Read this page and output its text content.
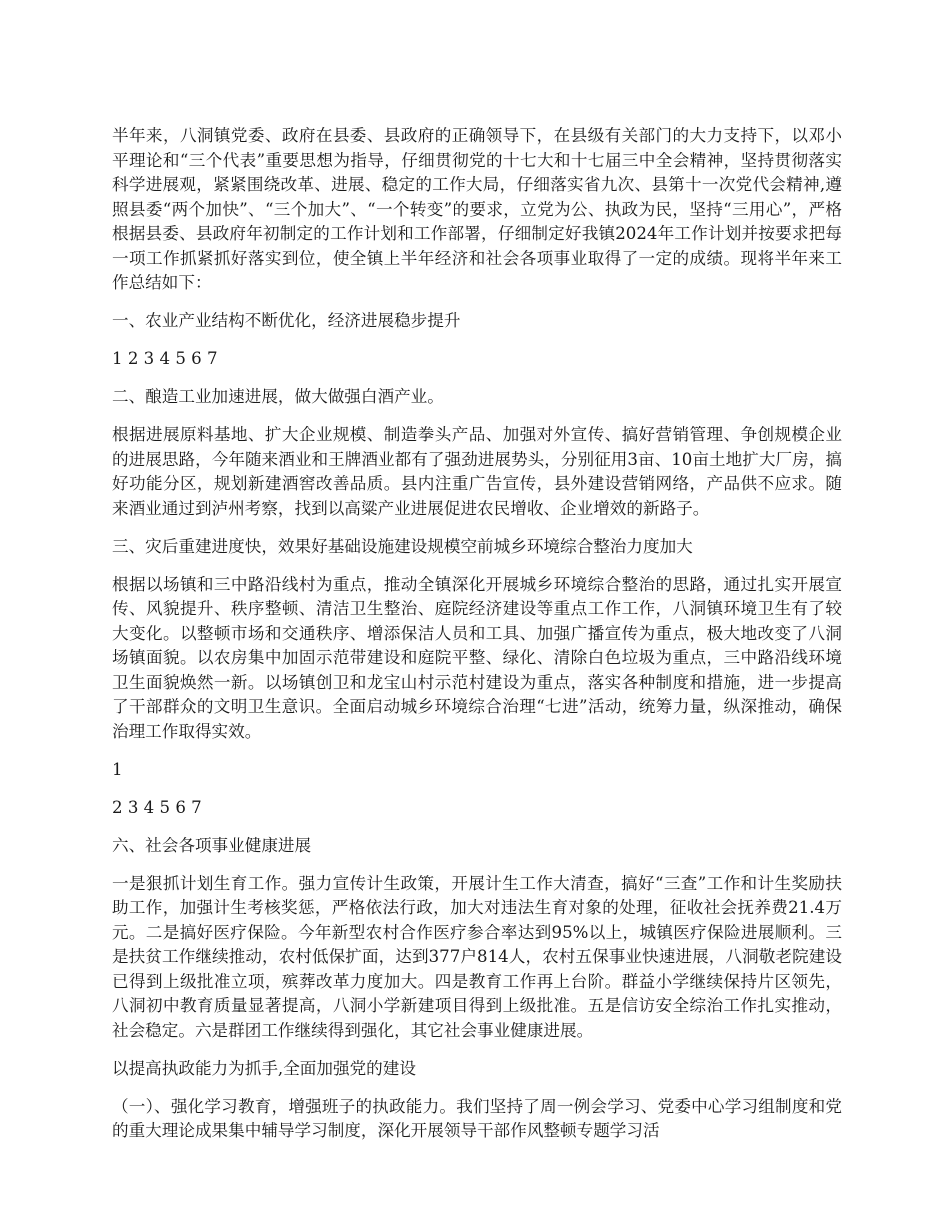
半年来，八洞镇党委、政府在县委、县政府的正确领导下，在县级有关部门的大力支持下，以邓小平理论和“三个代表”重要思想为指导，仔细贯彻党的十七大和十七届三中全会精神，坚持贯彻落实科学进展观，紧紧围绕改革、进展、稳定的工作大局，仔细落实省九次、县第十一次党代会精神,遵照县委“两个加快”、“三个加大”、“一个转变”的要求，立党为公、执政为民，坚持“三用心”，严格根据县委、县政府年初制定的工作计划和工作部署，仔细制定好我镇2024年工作计划并按要求把每一项工作抓紧抓好落实到位，使全镇上半年经济和社会各项事业取得了一定的成绩。现将半年来工作总结如下：

一、农业产业结构不断优化，经济进展稳步提升

1 2 3 4 5 6 7

二、酿造工业加速进展，做大做强白酒产业。

根据进展原料基地、扩大企业规模、制造拳头产品、加强对外宣传、搞好营销管理、争创规模企业的进展思路，今年随来酒业和王牌酒业都有了强劲进展势头，分别征用3亩、10亩土地扩大厂房，搞好功能分区，规划新建酒窖改善品质。县内注重广告宣传，县外建设营销网络，产品供不应求。随来酒业通过到泸州考察，找到以高粱产业进展促进农民增收、企业增效的新路子。

三、灾后重建进度快，效果好基础设施建设规模空前城乡环境综合整治力度加大

根据以场镇和三中路沿线村为重点，推动全镇深化开展城乡环境综合整治的思路，通过扎实开展宣传、风貌提升、秩序整顿、清洁卫生整治、庭院经济建设等重点工作工作，八洞镇环境卫生有了较大变化。以整顿市场和交通秩序、增添保洁人员和工具、加强广播宣传为重点，极大地改变了八洞场镇面貌。以农房集中加固示范带建设和庭院平整、绿化、清除白色垃圾为重点，三中路沿线环境卫生面貌焕然一新。以场镇创卫和龙宝山村示范村建设为重点，落实各种制度和措施，进一步提高了干部群众的文明卫生意识。全面启动城乡环境综合治理“七进”活动，统筹力量，纵深推动，确保治理工作取得实效。

1

2 3 4 5 6 7

六、社会各项事业健康进展

一是狠抓计划生育工作。强力宣传计生政策，开展计生工作大清查，搞好“三查”工作和计生奖励扶助工作，加强计生考核奖惩，严格依法行政，加大对违法生育对象的处理，征收社会抚养费21.4万元。二是搞好医疗保险。今年新型农村合作医疗参合率达到95%以上，城镇医疗保险进展顺利。三是扶贫工作继续推动，农村低保扩面，达到377户814人，农村五保事业快速进展，八洞敬老院建设已得到上级批准立项，殡葬改革力度加大。四是教育工作再上台阶。群益小学继续保持片区领先，八洞初中教育质量显著提高，八洞小学新建项目得到上级批准。五是信访安全综治工作扎实推动，社会稳定。六是群团工作继续得到强化，其它社会事业健康进展。

以提高执政能力为抓手,全面加强党的建设

（一）、强化学习教育，增强班子的执政能力。我们坚持了周一例会学习、党委中心学习组制度和党的重大理论成果集中辅导学习制度，深化开展领导干部作风整顿专题学习活
